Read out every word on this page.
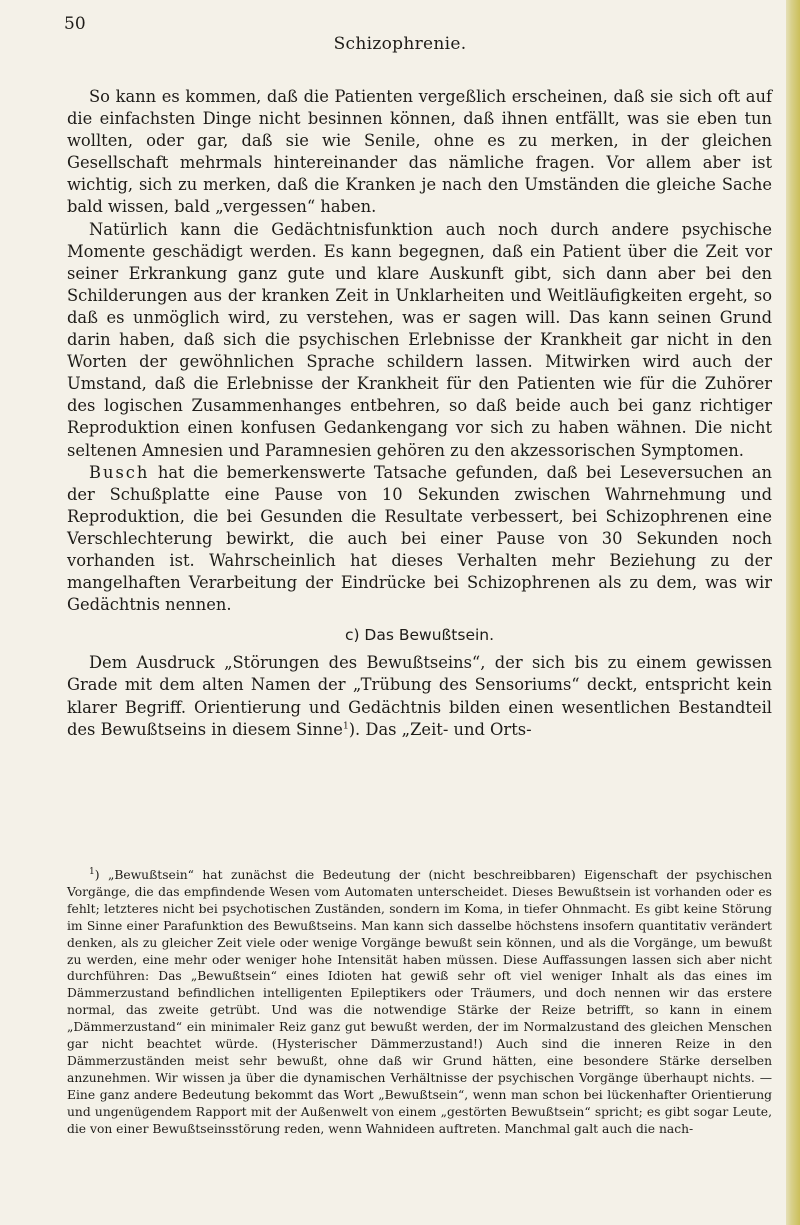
50
Schizophrenie.

So kann es kommen, daß die Patienten vergeßlich erscheinen, daß sie sich oft auf die einfachsten Dinge nicht besinnen können, daß ihnen entfällt, was sie eben tun wollten, oder gar, daß sie wie Senile, ohne es zu merken, in der gleichen Gesellschaft mehrmals hintereinander das nämliche fragen. Vor allem aber ist wichtig, sich zu merken, daß die Kranken je nach den Umständen die gleiche Sache bald wissen, bald „vergessen“ haben.

Natürlich kann die Gedächtnisfunktion auch noch durch andere psychische Momente geschädigt werden. Es kann begegnen, daß ein Patient über die Zeit vor seiner Erkrankung ganz gute und klare Auskunft gibt, sich dann aber bei den Schilderungen aus der kranken Zeit in Unklarheiten und Weitläufigkeiten ergeht, so daß es unmöglich wird, zu verstehen, was er sagen will. Das kann seinen Grund darin haben, daß sich die psychischen Erlebnisse der Krankheit gar nicht in den Worten der gewöhnlichen Sprache schildern lassen. Mitwirken wird auch der Umstand, daß die Erlebnisse der Krankheit für den Patienten wie für die Zuhörer des logischen Zusammenhanges entbehren, so daß beide auch bei ganz richtiger Reproduktion einen konfusen Gedankengang vor sich zu haben wähnen. Die nicht seltenen Amnesien und Paramnesien gehören zu den akzessorischen Symptomen.

Busch hat die bemerkenswerte Tatsache gefunden, daß bei Leseversuchen an der Schußplatte eine Pause von 10 Sekunden zwischen Wahrnehmung und Reproduktion, die bei Gesunden die Resultate verbessert, bei Schizophrenen eine Verschlechterung bewirkt, die auch bei einer Pause von 30 Sekunden noch vorhanden ist. Wahrscheinlich hat dieses Verhalten mehr Beziehung zu der mangelhaften Verarbeitung der Eindrücke bei Schizophrenen als zu dem, was wir Gedächtnis nennen.

c) Das Bewußtsein.

Dem Ausdruck „Störungen des Bewußtseins“, der sich bis zu einem gewissen Grade mit dem alten Namen der „Trübung des Sensoriums“ deckt, entspricht kein klarer Begriff. Orientierung und Gedächtnis bilden einen wesentlichen Bestandteil des Bewußtseins in diesem Sinne$^1$). Das „Zeit- und Orts-

$^1$) „Bewußtsein“ hat zunächst die Bedeutung der (nicht beschreibbaren) Eigenschaft der psychischen Vorgänge, die das empfindende Wesen vom Automaten unterscheidet. Dieses Bewußtsein ist vorhanden oder es fehlt; letzteres nicht bei psychotischen Zuständen, sondern im Koma, in tiefer Ohnmacht. Es gibt keine Störung im Sinne einer Parafunktion des Bewußtseins. Man kann sich dasselbe höchstens insofern quantitativ verändert denken, als zu gleicher Zeit viele oder wenige Vorgänge bewußt sein können, und als die Vorgänge, um bewußt zu werden, eine mehr oder weniger hohe Intensität haben müssen. Diese Auffassungen lassen sich aber nicht durchführen: Das „Bewußtsein“ eines Idioten hat gewiß sehr oft viel weniger Inhalt als das eines im Dämmerzustand befindlichen intelligenten Epileptikers oder Träumers, und doch nennen wir das erstere normal, das zweite getrübt. Und was die notwendige Stärke der Reize betrifft, so kann in einem „Dämmerzustand“ ein minimaler Reiz ganz gut bewußt werden, der im Normalzustand des gleichen Menschen gar nicht beachtet würde. (Hysterischer Dämmerzustand!) Auch sind die inneren Reize in den Dämmerzuständen meist sehr bewußt, ohne daß wir Grund hätten, eine besondere Stärke derselben anzunehmen. Wir wissen ja über die dynamischen Verhältnisse der psychischen Vorgänge überhaupt nichts. — Eine ganz andere Bedeutung bekommt das Wort „Bewußtsein“, wenn man schon bei lückenhafter Orientierung und ungenügendem Rapport mit der Außenwelt von einem „gestörten Bewußtsein“ spricht; es gibt sogar Leute, die von einer Bewußtseinsstörung reden, wenn Wahnideen auftreten. Manchmal galt auch die nach-
